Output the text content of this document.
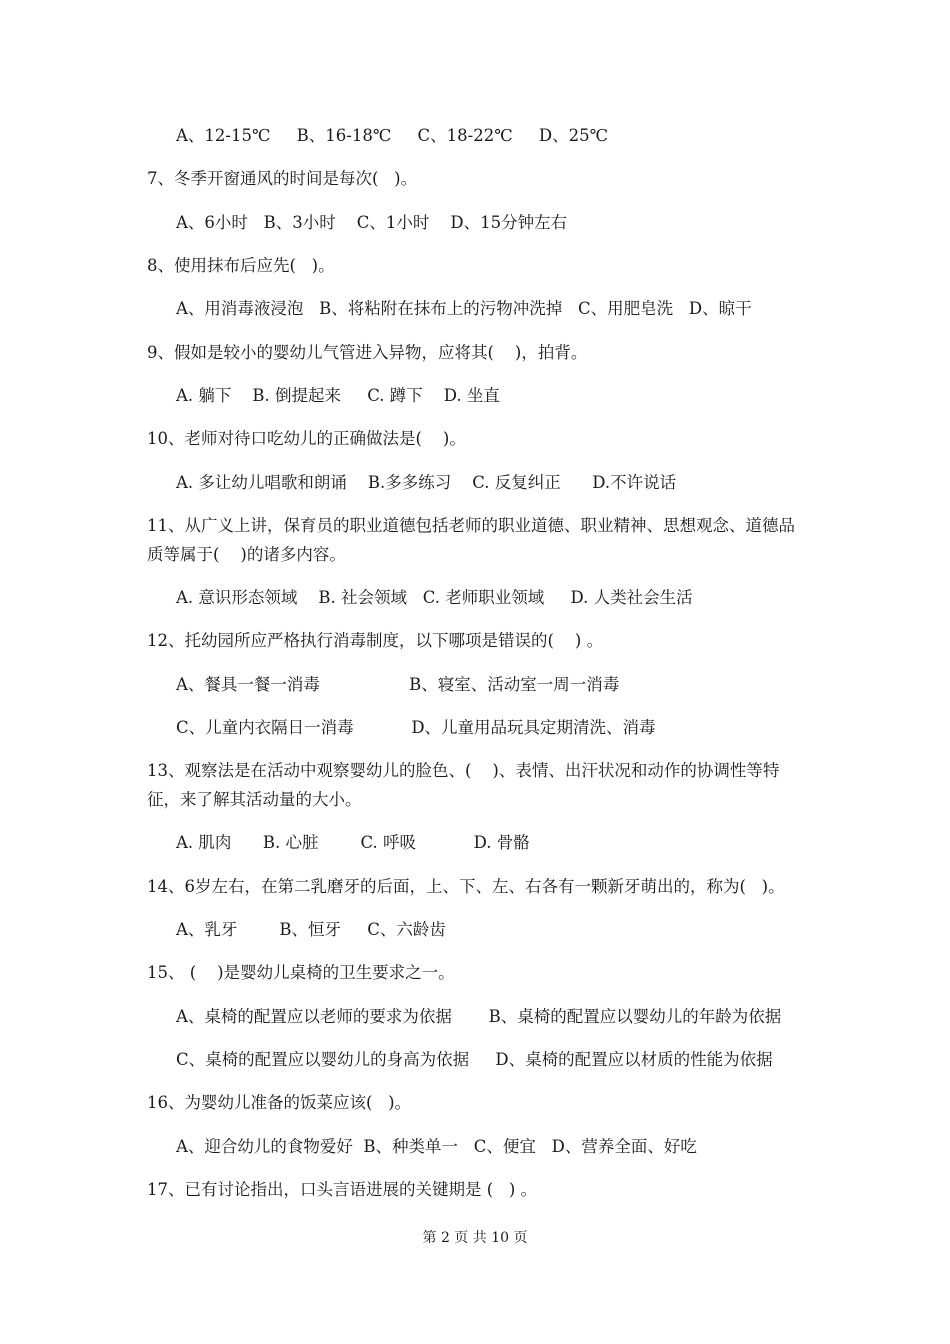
A、12-15℃     B、16-18℃     C、18-22℃     D、25℃
7、冬季开窗通风的时间是每次(   )。
A、6小时   B、3小时    C、1小时    D、15分钟左右
8、使用抹布后应先(   )。
A、用消毒液浸泡   B、将粘附在抹布上的污物冲洗掉   C、用肥皂洗   D、晾干
9、假如是较小的婴幼儿气管进入异物，应将其(    )，拍背。
A. 躺下    B. 倒提起来     C. 蹲下    D. 坐直
10、老师对待口吃幼儿的正确做法是(    )。
A. 多让幼儿唱歌和朗诵    B.多多练习    C. 反复纠正      D.不许说话
11、从广义上讲，保育员的职业道德包括老师的职业道德、职业精神、思想观念、道德品
质等属于(    )的诸多内容。
A. 意识形态领域    B. 社会领域   C. 老师职业领域     D. 人类社会生活
12、托幼园所应严格执行消毒制度，以下哪项是错误的(    ) 。
A、餐具一餐一消毒                 B、寝室、活动室一周一消毒
C、儿童内衣隔日一消毒           D、儿童用品玩具定期清洗、消毒
13、观察法是在活动中观察婴幼儿的脸色、(    )、表情、出汗状况和动作的协调性等特
征，来了解其活动量的大小。
A. 肌肉      B. 心脏        C. 呼吸           D. 骨骼
14、6岁左右，在第二乳磨牙的后面，上、下、左、右各有一颗新牙萌出的，称为(   )。
A、乳牙        B、恒牙     C、六龄齿
15、 (    )是婴幼儿桌椅的卫生要求之一。
A、桌椅的配置应以老师的要求为依据       B、桌椅的配置应以婴幼儿的年龄为依据
C、桌椅的配置应以婴幼儿的身高为依据     D、桌椅的配置应以材质的性能为依据
16、为婴幼儿准备的饭菜应该(   )。
A、迎合幼儿的食物爱好  B、种类单一   C、便宜   D、营养全面、好吃
17、已有讨论指出，口头言语进展的关键期是 (   ) 。
第 2 页 共 10 页
